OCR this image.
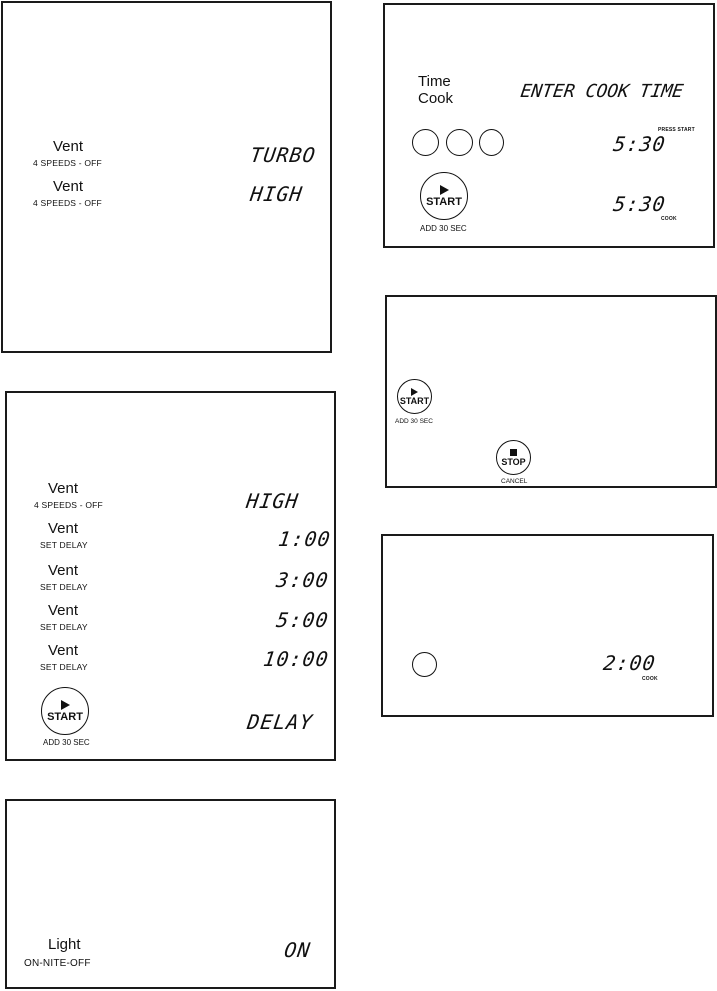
Vent
4 SPEEDS - OFF	TURBO
Vent
4 SPEEDS - OFF	HIGH
Vent
4 SPEEDS - OFF	HIGH
Vent
SET DELAY	1:00
Vent
SET DELAY	3:00
Vent
SET DELAY	5:00
Vent
SET DELAY	10:00
START
ADD 30 SEC
DELAY
Light
ON-NITE-OFF
ON
Time
Cook	ENTER COOK TIME
5:30
PRESS START
START
ADD 30 SEC
5:30
COOK
START
ADD 30 SEC
STOP
CANCEL
2:00
COOK
